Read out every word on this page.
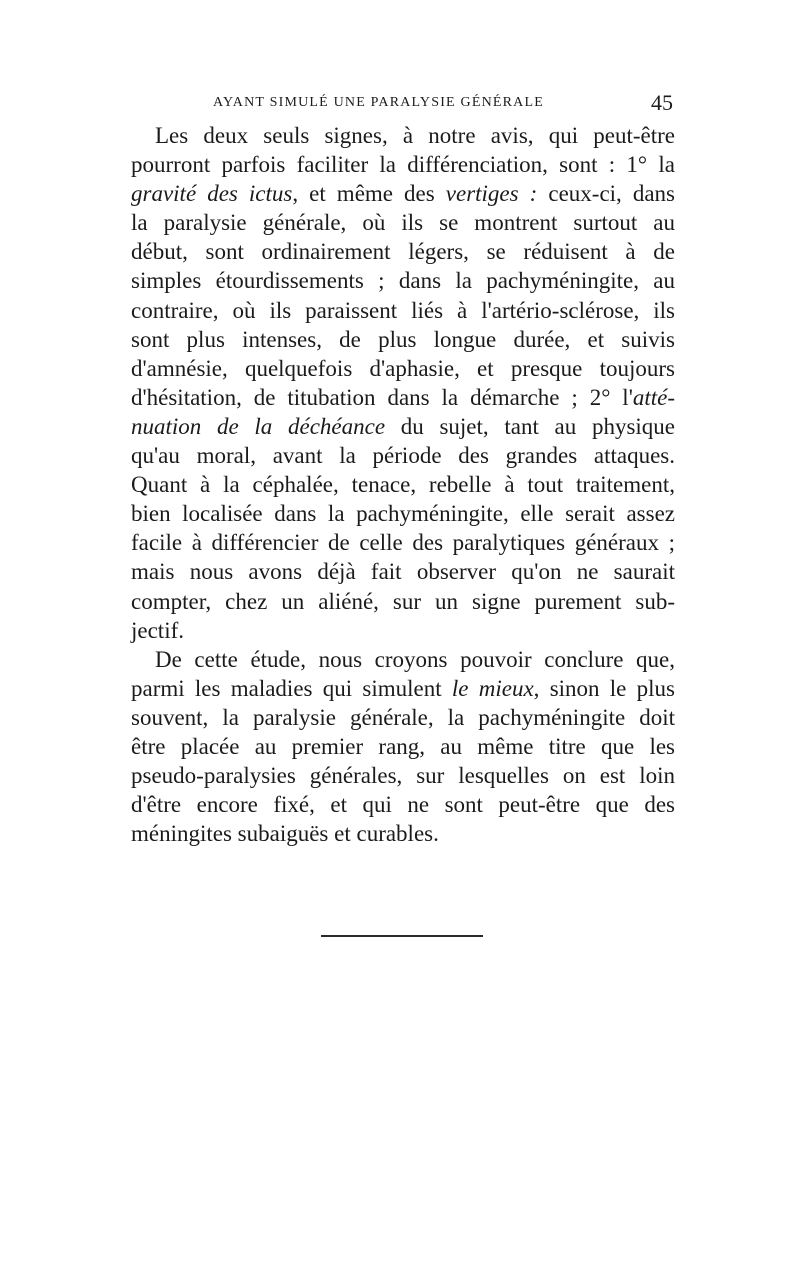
AYANT SIMULÉ UNE PARALYSIE GÉNÉRALE	45
Les deux seuls signes, à notre avis, qui peut-être
pourront parfois faciliter la différenciation, sont : 1° la
gravité des ictus, et même des vertiges : ceux-ci, dans
la paralysie générale, où ils se montrent surtout au
début, sont ordinairement légers, se réduisent à de
simples étourdissements ; dans la pachyméningite, au
contraire, où ils paraissent liés à l'artério-sclérose, ils
sont plus intenses, de plus longue durée, et suivis
d'amnésie, quelquefois d'aphasie, et presque toujours
d'hésitation, de titubation dans la démarche ; 2° l'atté-
nuation de la déchéance du sujet, tant au physique
qu'au moral, avant la période des grandes attaques.
Quant à la céphalée, tenace, rebelle à tout traitement,
bien localisée dans la pachyméningite, elle serait assez
facile à différencier de celle des paralytiques généraux ;
mais nous avons déjà fait observer qu'on ne saurait
compter, chez un aliéné, sur un signe purement sub-
jectif.
De cette étude, nous croyons pouvoir conclure que,
parmi les maladies qui simulent le mieux, sinon le plus
souvent, la paralysie générale, la pachyméningite doit
être placée au premier rang, au même titre que les
pseudo-paralysies générales, sur lesquelles on est loin
d'être encore fixé, et qui ne sont peut-être que des
méningites subaiguës et curables.
